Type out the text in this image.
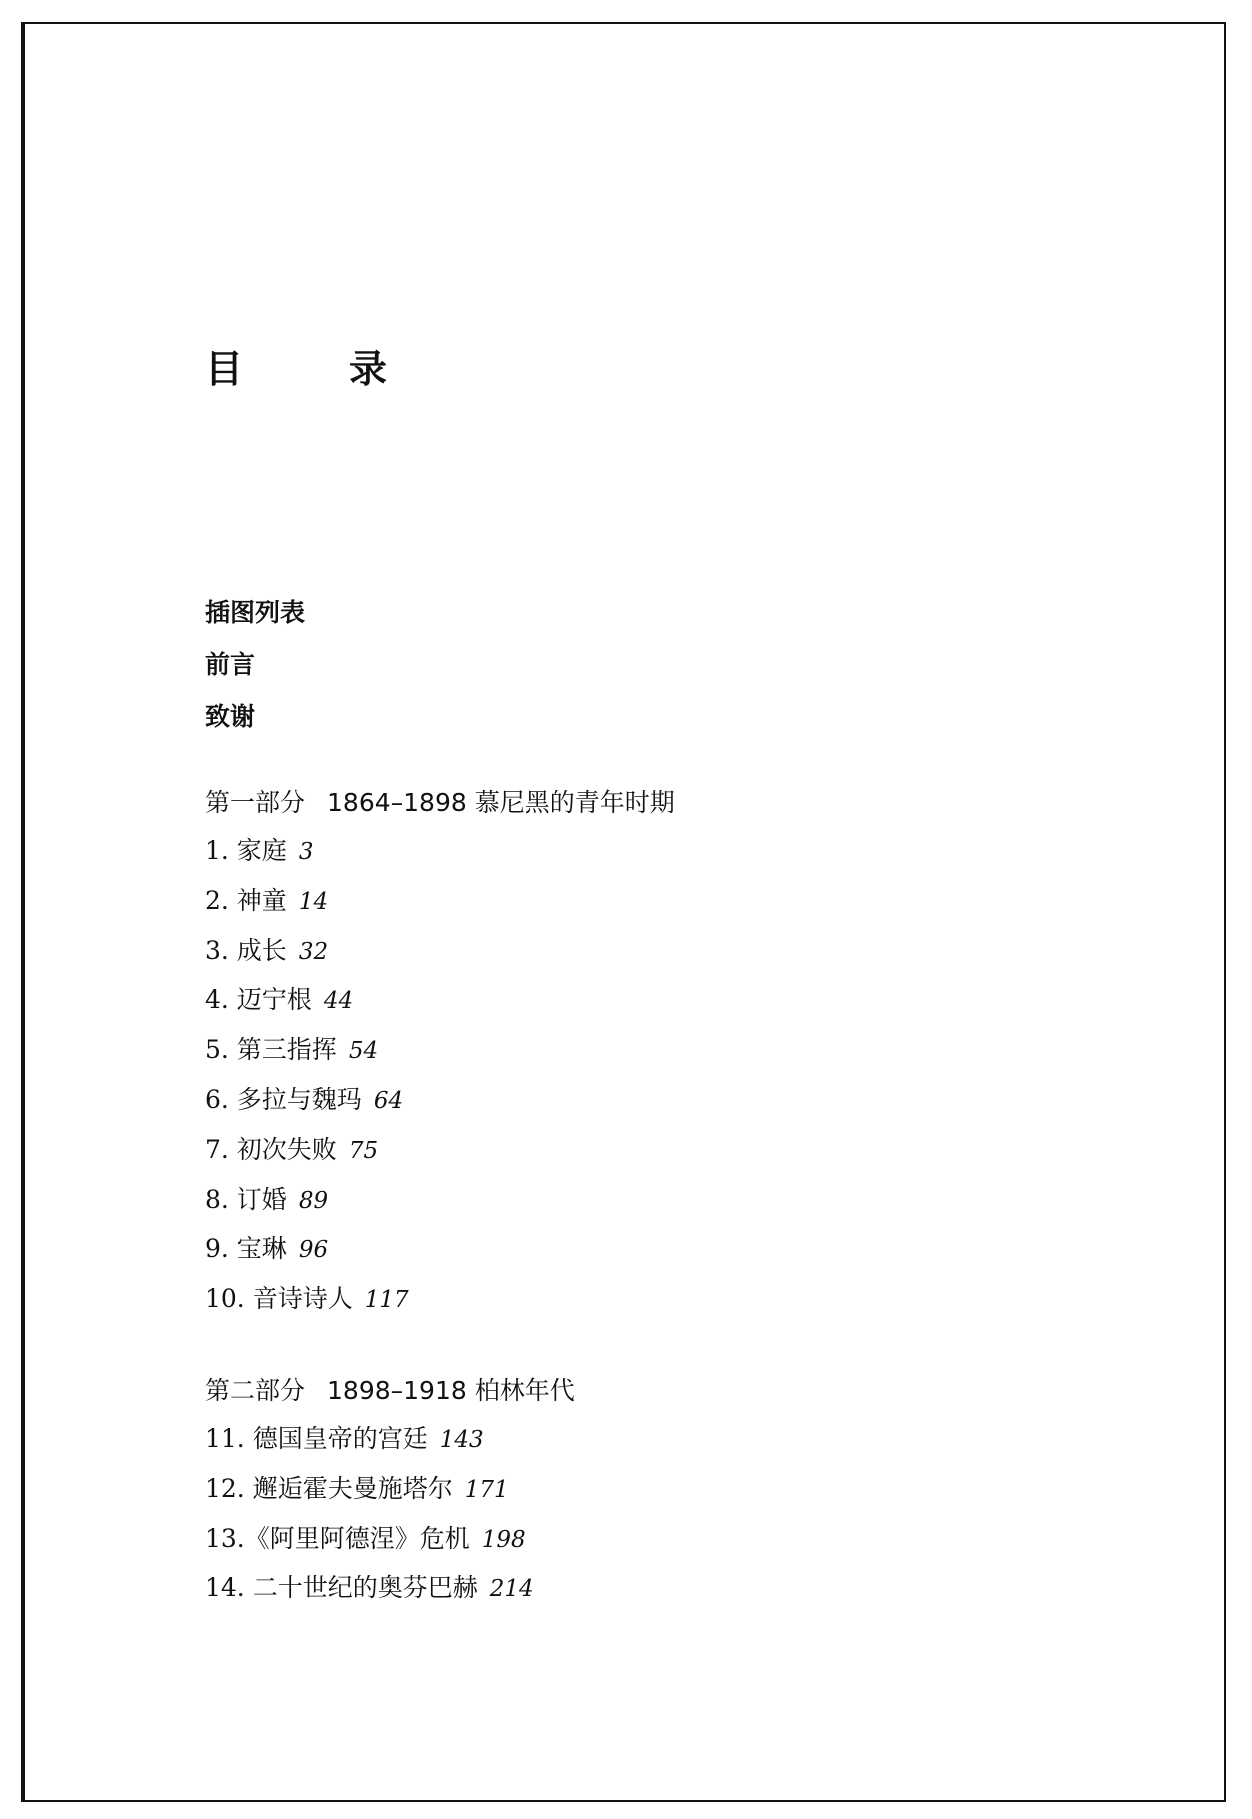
目　录
插图列表
前言
致谢
第一部分 1864–1898 慕尼黑的青年时期
1. 家庭 3
2. 神童 14
3. 成长 32
4. 迈宁根 44
5. 第三指挥 54
6. 多拉与魏玛 64
7. 初次失败 75
8. 订婚 89
9. 宝琳 96
10. 音诗诗人 117
第二部分 1898–1918 柏林年代
11. 德国皇帝的宫廷 143
12. 邂逅霍夫曼施塔尔 171
13.《阿里阿德涅》危机 198
14. 二十世纪的奥芬巴赫 214
